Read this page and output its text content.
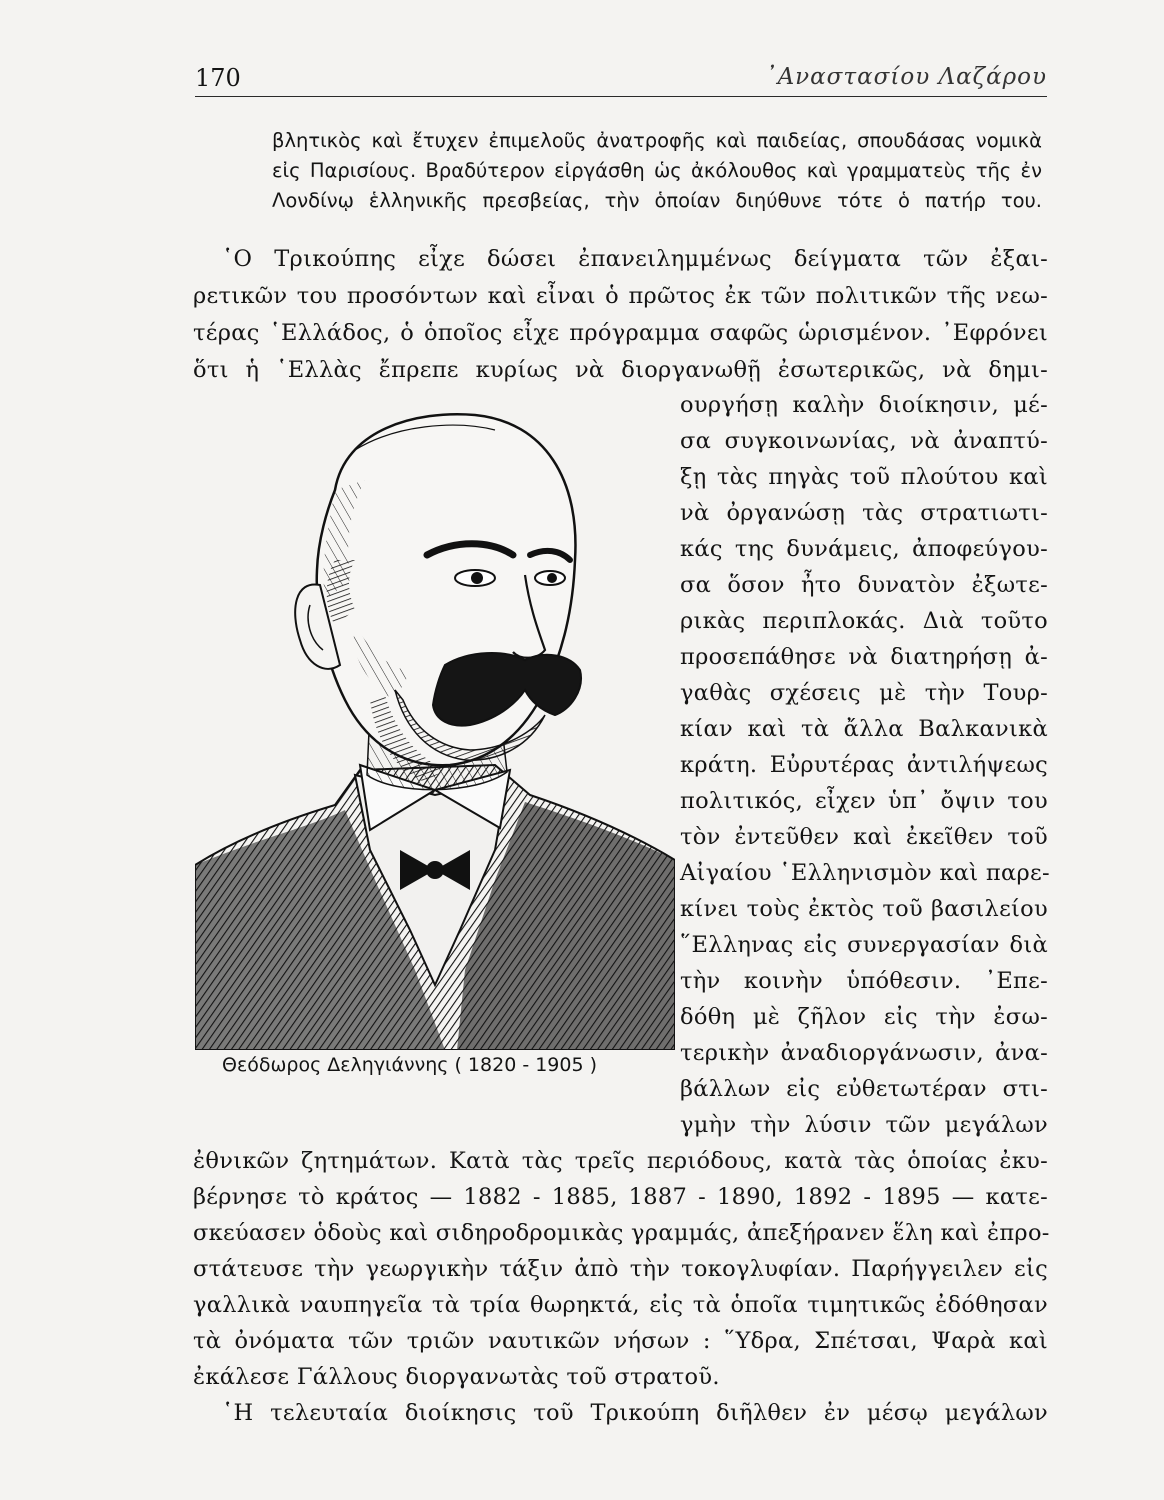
170	᾿Αναστασίου Λαζάρου
βλητικὸς καὶ ἔτυχεν ἐπιμελοῦς ἀνατροφῆς καὶ παιδείας, σπουδάσας νομικὰ
εἰς Παρισίους. Βραδύτερον εἰργάσθη ὡς ἀκόλουθος καὶ γραμματεὺς τῆς ἐν
Λονδίνῳ ἑλληνικῆς πρεσβείας, τὴν ὁποίαν διηύθυνε τότε ὁ πατήρ του.
῾Ο Τρικούπης εἶχε δώσει ἐπανειλημμένως δείγματα τῶν ἐξαι-
ρετικῶν του προσόντων καὶ εἶναι ὁ πρῶτος ἐκ τῶν πολιτικῶν τῆς νεω-
τέρας ῾Ελλάδος, ὁ ὁποῖος εἶχε πρόγραμμα σαφῶς ὡρισμένον. ᾿Εφρόνει
ὅτι ἡ ῾Ελλὰς ἔπρεπε κυρίως νὰ διοργανωθῇ ἐσωτερικῶς, νὰ δημι-
ουργήσῃ καλὴν διοίκησιν, μέ-
σα συγκοινωνίας, νὰ ἀναπτύ-
ξῃ τὰς πηγὰς τοῦ πλούτου καὶ
νὰ ὀργανώσῃ τὰς στρατιωτι-
κάς της δυνάμεις, ἀποφεύγου-
σα ὅσον ἦτο δυνατὸν ἐξωτε-
ρικὰς περιπλοκάς. Διὰ τοῦτο
προσεπάθησε νὰ διατηρήσῃ ἀ-
γαθὰς σχέσεις μὲ τὴν Τουρ-
κίαν καὶ τὰ ἄλλα Βαλκανικὰ
κράτη. Εὐρυτέρας ἀντιλήψεως
πολιτικός, εἶχεν ὑπ᾿ ὄψιν του
τὸν ἐντεῦθεν καὶ ἐκεῖθεν τοῦ
Αἰγαίου ῾Ελληνισμὸν καὶ παρε-
κίνει τοὺς ἐκτὸς τοῦ βασιλείου
῞Ελληνας εἰς συνεργασίαν διὰ
τὴν κοινὴν ὑπόθεσιν. ᾿Επε-
δόθη μὲ ζῆλον εἰς τὴν ἐσω-
τερικὴν ἀναδιοργάνωσιν, ἀνα-
βάλλων εἰς εὐθετωτέραν στι-
γμὴν τὴν λύσιν τῶν μεγάλων
ἐθνικῶν ζητημάτων. Κατὰ τὰς τρεῖς περιόδους, κατὰ τὰς ὁποίας ἐκυ-
βέρνησε τὸ κράτος — 1882 - 1885, 1887 - 1890, 1892 - 1895 — κατε-
σκεύασεν ὁδοὺς καὶ σιδηροδρομικὰς γραμμάς, ἀπεξήρανεν ἕλη καὶ ἐπρο-
στάτευσε τὴν γεωργικὴν τάξιν ἀπὸ τὴν τοκογλυφίαν. Παρήγγειλεν εἰς
γαλλικὰ ναυπηγεῖα τὰ τρία θωρηκτά, εἰς τὰ ὁποῖα τιμητικῶς ἐδόθησαν
τὰ ὀνόματα τῶν τριῶν ναυτικῶν νήσων : ῞Υδρα, Σπέτσαι, Ψαρὰ καὶ
ἐκάλεσε Γάλλους διοργανωτὰς τοῦ στρατοῦ.
῾Η τελευταία διοίκησις τοῦ Τρικούπη διῆλθεν ἐν μέσῳ μεγάλων
Θεόδωρος Δεληγιάννης ( 1820 - 1905 )
